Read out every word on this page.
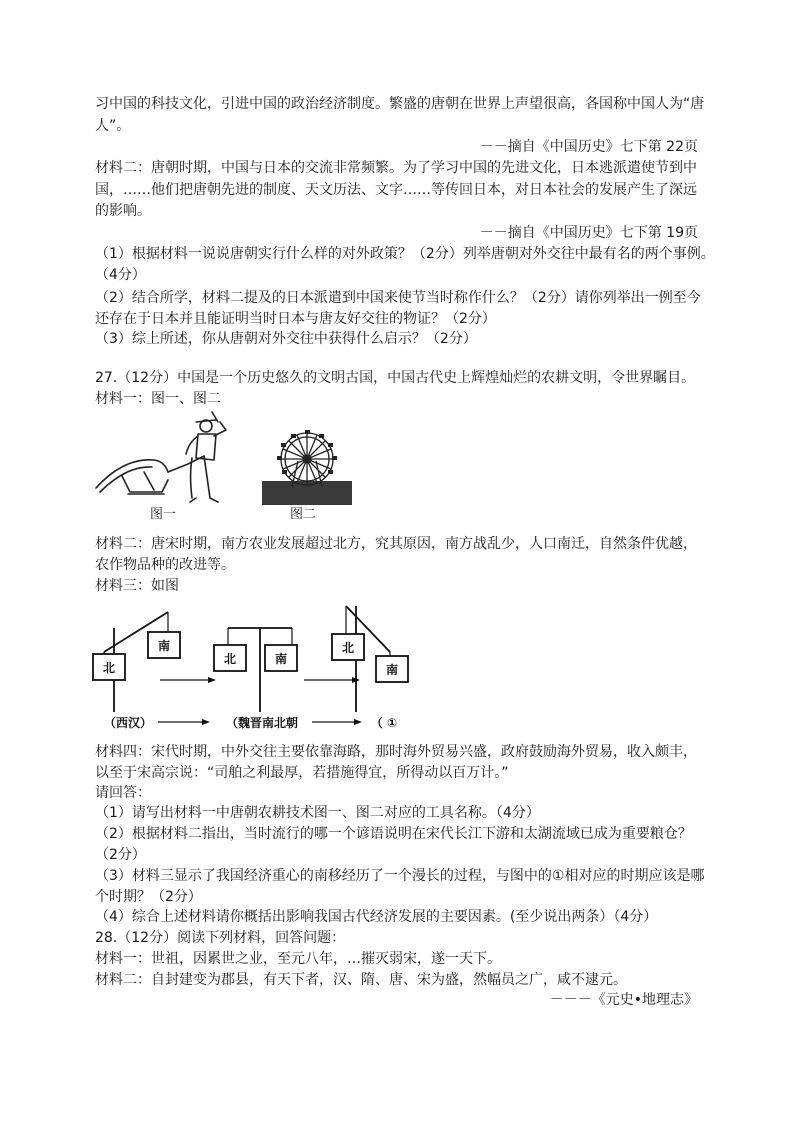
习中国的科技文化，引进中国的政治经济制度。繁盛的唐朝在世界上声望很高，各国称中国人为“唐
人”。
－－摘自《中国历史》七下第 22页
材料二：唐朝时期，中国与日本的交流非常频繁。为了学习中国的先进文化，日本逃派遣使节到中
国，……他们把唐朝先进的制度、天文历法、文字……等传回日本，对日本社会的发展产生了深远
的影响。
－－摘自《中国历史》七下第 19页
（1）根据材料一说说唐朝实行什么样的对外政策？（2分）列举唐朝对外交往中最有名的两个事例。
（4分）
（2）结合所学，材料二提及的日本派遣到中国来使节当时称作什么？（2分）请你列举出一例至今
还存在于日本并且能证明当时日本与唐友好交往的物证？（2分）
（3）综上所述，你从唐朝对外交往中获得什么启示？（2分）
27.（12分）中国是一个历史悠久的文明古国，中国古代史上辉煌灿烂的农耕文明，令世界瞩目。
材料一：图一、图二
图一	图二
材料二：唐宋时期，南方农业发展超过北方，究其原因，南方战乱少，人口南迁，自然条件优越，
农作物品种的改进等。
材料三：如图
北
南
北	南
北
南
（西汉）	（魏晋南北朝	（ ①
材料四：宋代时期，中外交往主要依靠海路，那时海外贸易兴盛，政府鼓励海外贸易，收入颇丰，
以至于宋高宗说：“司舶之利最厚，若措施得宜，所得动以百万计。”
请回答：
（1）请写出材料一中唐朝农耕技术图一、图二对应的工具名称。（4分）
（2）根据材料二指出，当时流行的哪一个谚语说明在宋代长江下游和太湖流域已成为重要粮仓？
（2分）
（3）材料三显示了我国经济重心的南移经历了一个漫长的过程，与图中的①相对应的时期应该是哪
个时期？（2分）
（4）综合上述材料请你概括出影响我国古代经济发展的主要因素。(至少说出两条）（4分）
28.（12分）阅读下列材料，回答问题：
材料一：世祖，因累世之业，至元八年，…摧灭弱宋，遂一天下。
材料二：自封建变为郡县，有天下者，汉、隋、唐、宋为盛，然幅员之广，咸不逮元。
－－－《元史•地理志》
